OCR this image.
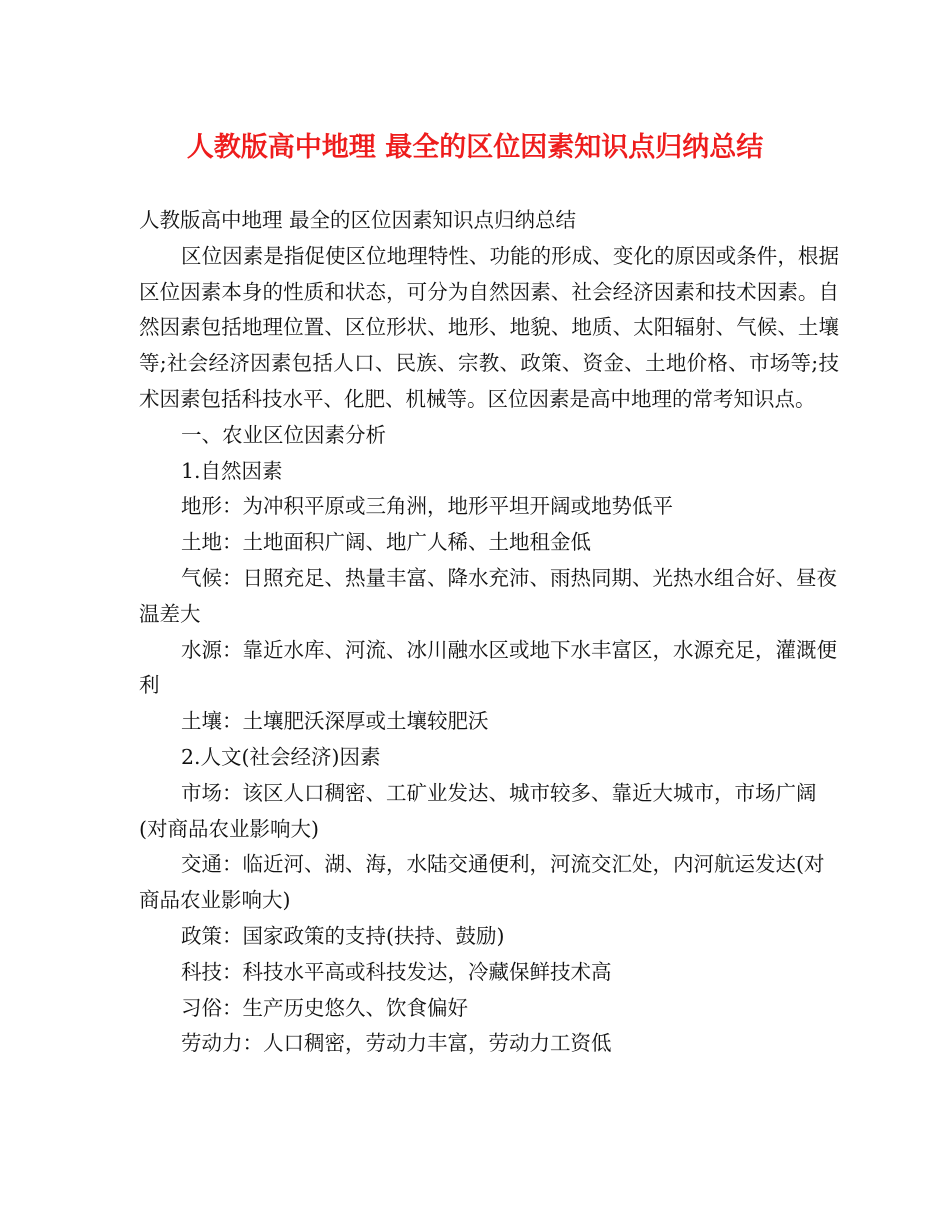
人教版高中地理 最全的区位因素知识点归纳总结

人教版高中地理 最全的区位因素知识点归纳总结

区位因素是指促使区位地理特性、功能的形成、变化的原因或条件，根据区位因素本身的性质和状态，可分为自然因素、社会经济因素和技术因素。自然因素包括地理位置、区位形状、地形、地貌、地质、太阳辐射、气候、土壤等;社会经济因素包括人口、民族、宗教、政策、资金、土地价格、市场等;技术因素包括科技水平、化肥、机械等。区位因素是高中地理的常考知识点。

一、农业区位因素分析

1.自然因素

地形：为冲积平原或三角洲，地形平坦开阔或地势低平

土地：土地面积广阔、地广人稀、土地租金低

气候：日照充足、热量丰富、降水充沛、雨热同期、光热水组合好、昼夜温差大

水源：靠近水库、河流、冰川融水区或地下水丰富区，水源充足，灌溉便利

土壤：土壤肥沃深厚或土壤较肥沃

2.人文(社会经济)因素

市场：该区人口稠密、工矿业发达、城市较多、靠近大城市，市场广阔(对商品农业影响大)

交通：临近河、湖、海，水陆交通便利，河流交汇处，内河航运发达(对商品农业影响大)

政策：国家政策的支持(扶持、鼓励)

科技：科技水平高或科技发达，冷藏保鲜技术高

习俗：生产历史悠久、饮食偏好

劳动力：人口稠密，劳动力丰富，劳动力工资低
